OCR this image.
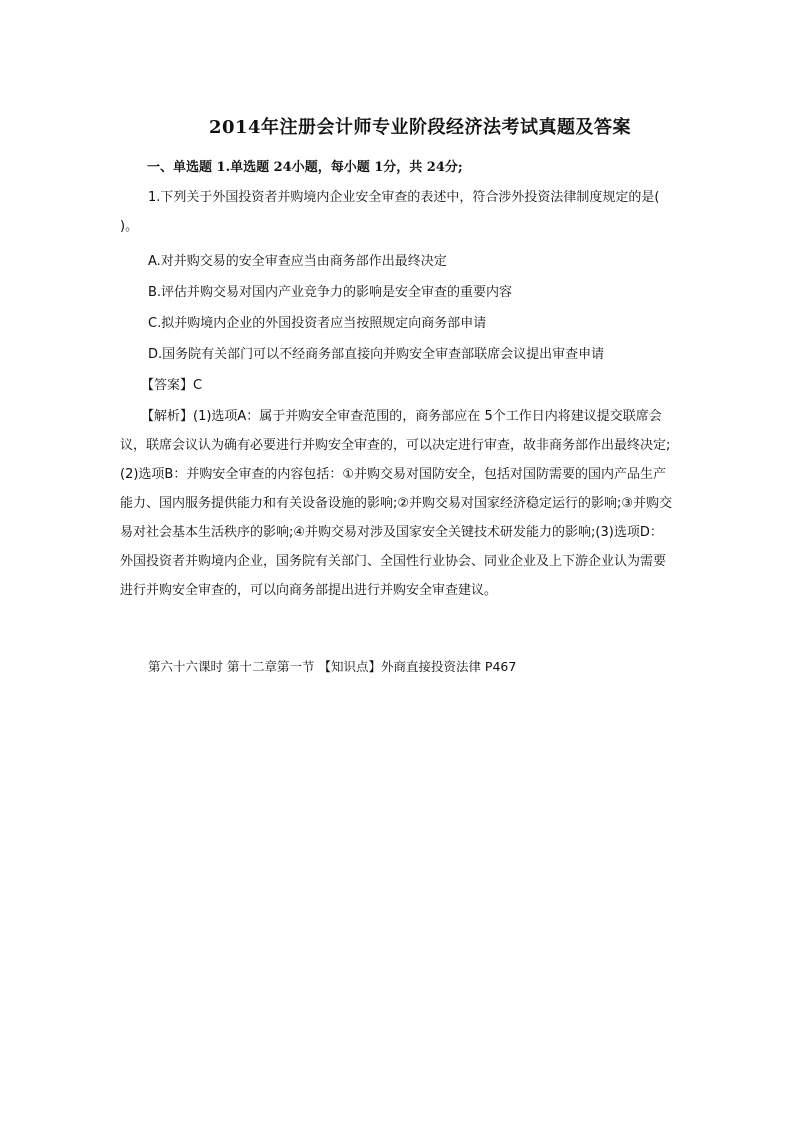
2014年注册会计师专业阶段经济法考试真题及答案
一、单选题 1.单选题 24小题，每小题 1分，共 24分;

1.下列关于外国投资者并购境内企业安全审查的表述中，符合涉外投资法律制度规定的是( )。

A.对并购交易的安全审查应当由商务部作出最终决定
B.评估并购交易对国内产业竞争力的影响是安全审查的重要内容
C.拟并购境内企业的外国投资者应当按照规定向商务部申请
D.国务院有关部门可以不经商务部直接向并购安全审查部联席会议提出审查申请
【答案】C

【解析】(1)选项A：属于并购安全审查范围的，商务部应在 5个工作日内将建议提交联席会议，联席会议认为确有必要进行并购安全审查的，可以决定进行审查，故非商务部作出最终决定;(2)选项B：并购安全审查的内容包括：①并购交易对国防安全，包括对国防需要的国内产品生产能力、国内服务提供能力和有关设备设施的影响;②并购交易对国家经济稳定运行的影响;③并购交易对社会基本生活秩序的影响;④并购交易对涉及国家安全关键技术研发能力的影响;(3)选项D：外国投资者并购境内企业，国务院有关部门、全国性行业协会、同业企业及上下游企业认为需要进行并购安全审查的，可以向商务部提出进行并购安全审查建议。

第六十六课时 第十二章第一节 【知识点】外商直接投资法律 P467
